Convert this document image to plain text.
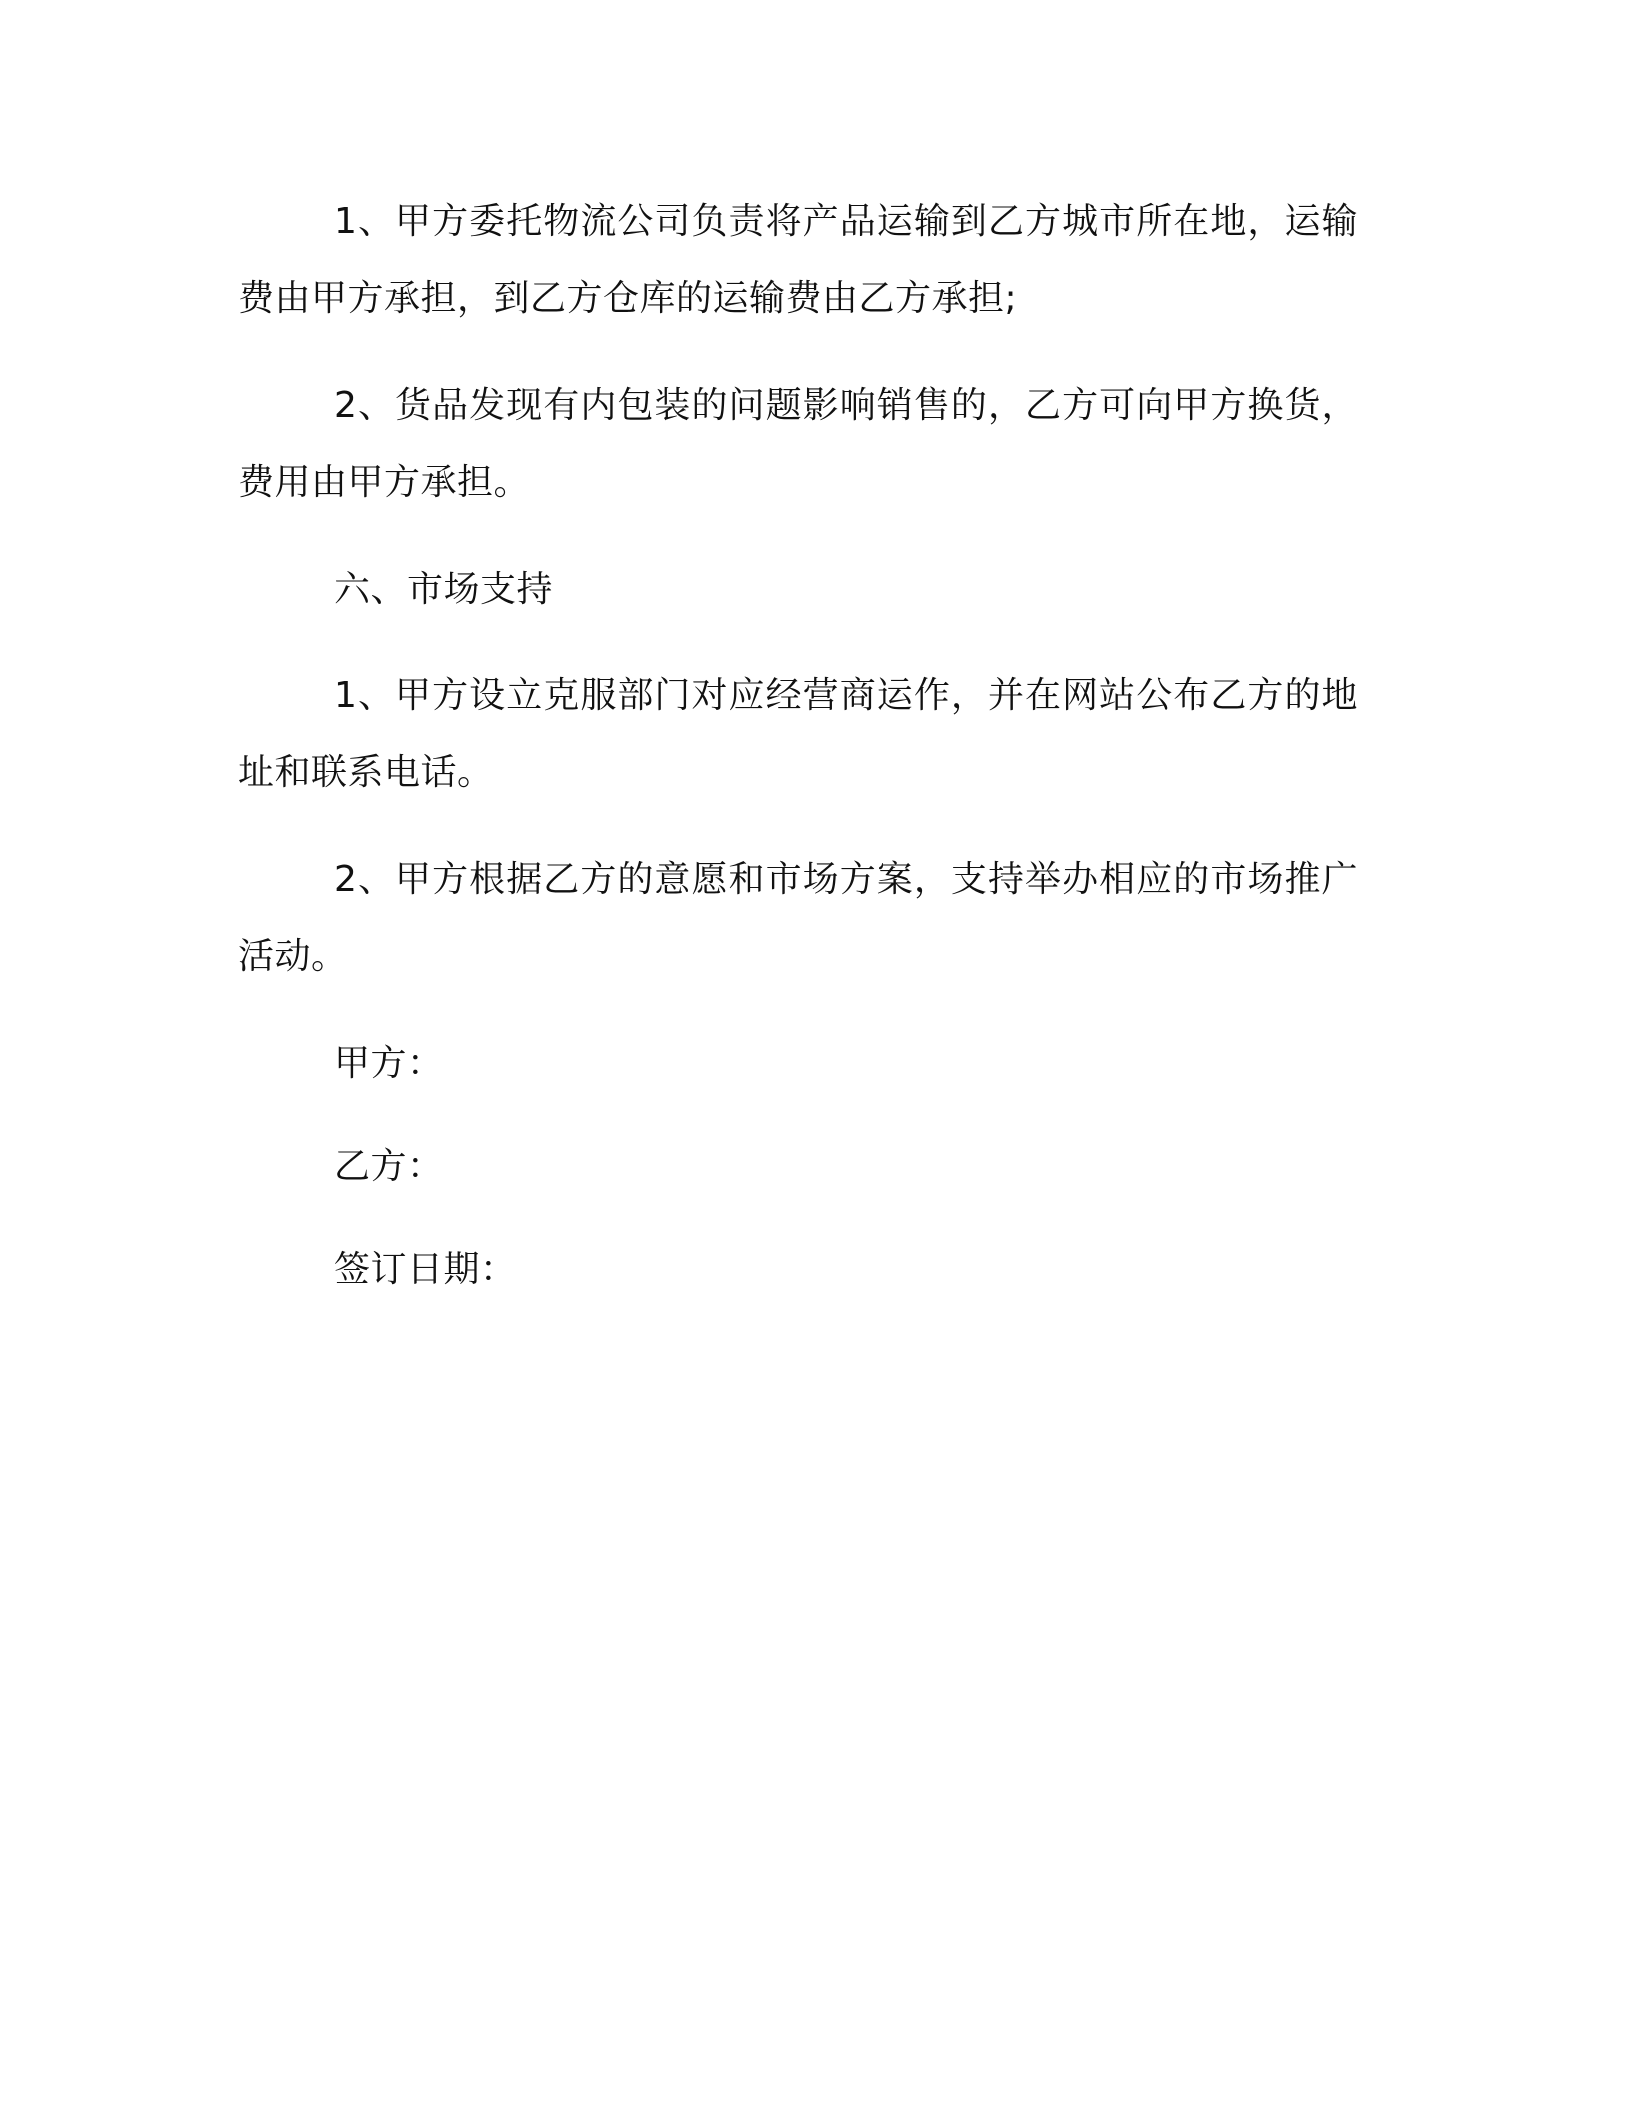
1、甲方委托物流公司负责将产品运输到乙方城市所在地，运输费由甲方承担，到乙方仓库的运输费由乙方承担;

2、货品发现有内包装的问题影响销售的，乙方可向甲方换货，费用由甲方承担。

六、市场支持

1、甲方设立克服部门对应经营商运作，并在网站公布乙方的地址和联系电话。

2、甲方根据乙方的意愿和市场方案，支持举办相应的市场推广活动。

甲方：
乙方：
签订日期：
